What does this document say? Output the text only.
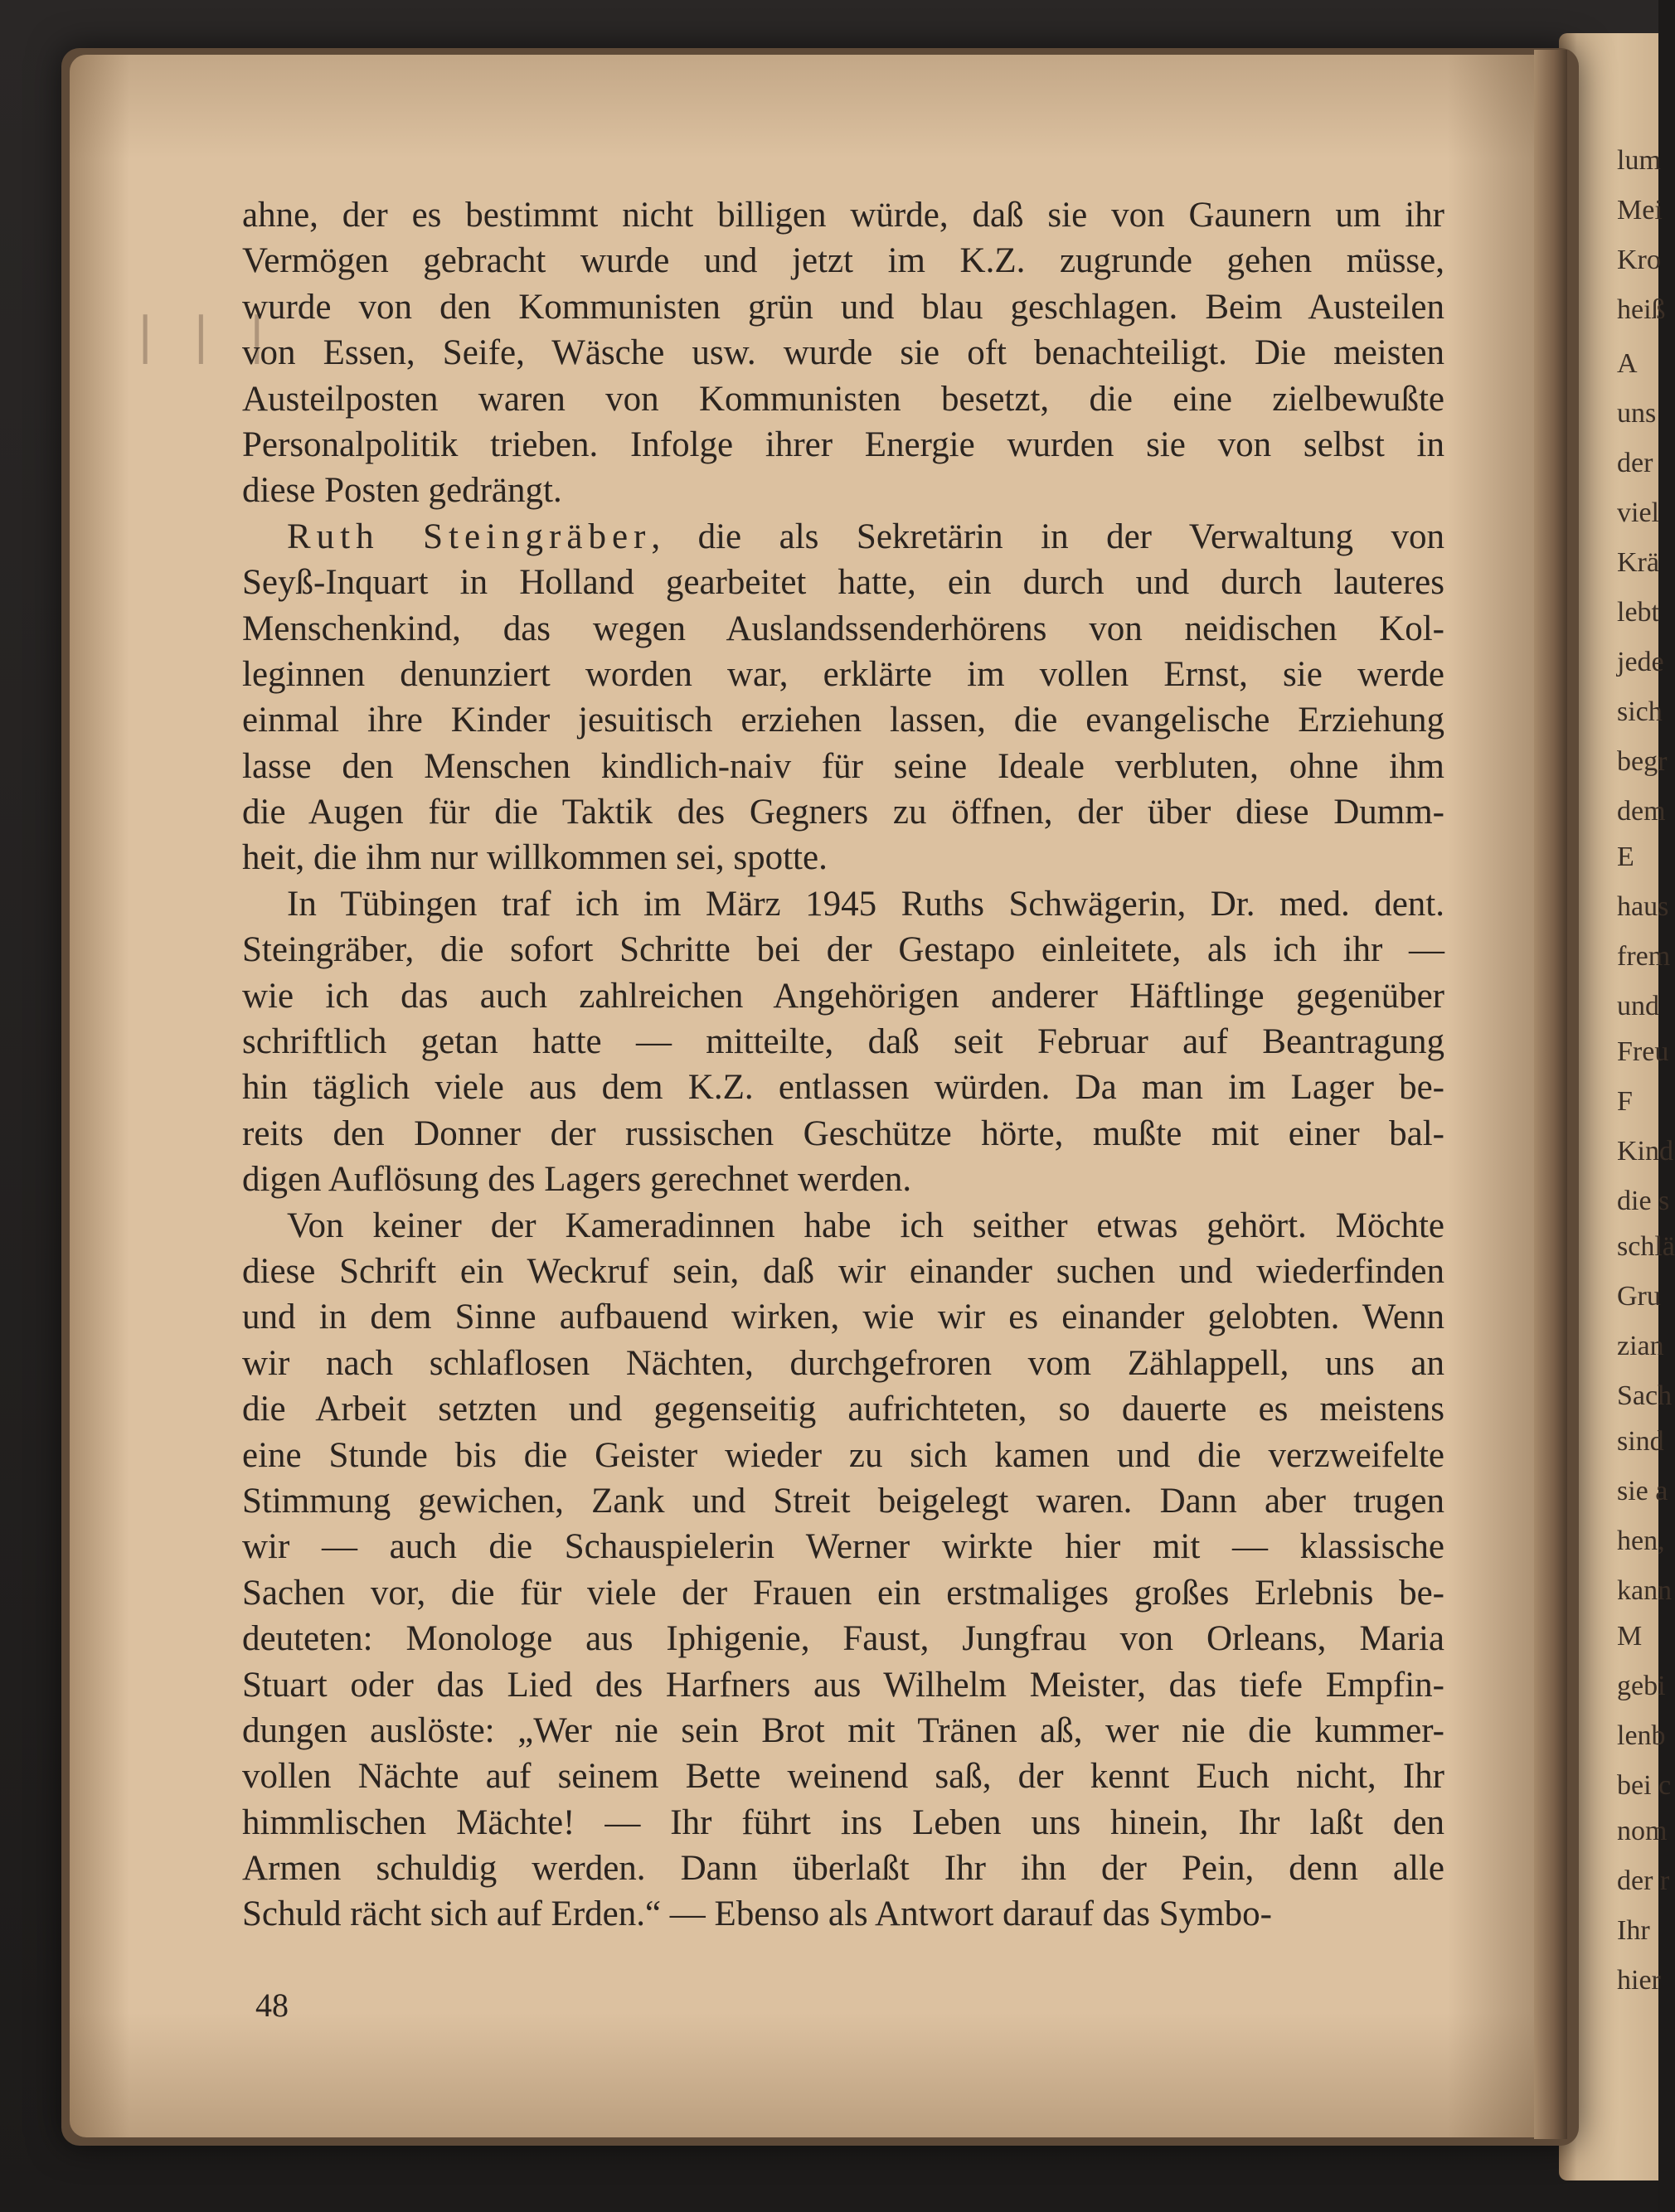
lum
Mei
Kro
heiß
A
uns
der
viel
Krä
lebt
jede
sich
begr
dem
E
haus
frem
und
Freu
F
Kind
die s
schlä
Gru
zian
Sach
sind
sie a
hen,
kann
M
gebi
lenb
bei c
nom
der r
Ihr
hier
| | |
ahne, der es bestimmt nicht billigen würde, daß sie von Gaunern um ihr
Vermögen gebracht wurde und jetzt im K.Z. zugrunde gehen müsse,
wurde von den Kommunisten grün und blau geschlagen. Beim Austeilen
von Essen, Seife, Wäsche usw. wurde sie oft benachteiligt. Die meisten
Austeilposten waren von Kommunisten besetzt, die eine zielbewußte
Personalpolitik trieben. Infolge ihrer Energie wurden sie von selbst in
diese Posten gedrängt.
Ruth Steingräber, die als Sekretärin in der Verwaltung von
Seyß-Inquart in Holland gearbeitet hatte, ein durch und durch lauteres
Menschenkind, das wegen Auslandssenderhörens von neidischen Kol-
leginnen denunziert worden war, erklärte im vollen Ernst, sie werde
einmal ihre Kinder jesuitisch erziehen lassen, die evangelische Erziehung
lasse den Menschen kindlich-naiv für seine Ideale verbluten, ohne ihm
die Augen für die Taktik des Gegners zu öffnen, der über diese Dumm-
heit, die ihm nur willkommen sei, spotte.
In Tübingen traf ich im März 1945 Ruths Schwägerin, Dr. med. dent.
Steingräber, die sofort Schritte bei der Gestapo einleitete, als ich ihr —
wie ich das auch zahlreichen Angehörigen anderer Häftlinge gegenüber
schriftlich getan hatte — mitteilte, daß seit Februar auf Beantragung
hin täglich viele aus dem K.Z. entlassen würden. Da man im Lager be-
reits den Donner der russischen Geschütze hörte, mußte mit einer bal-
digen Auflösung des Lagers gerechnet werden.
Von keiner der Kameradinnen habe ich seither etwas gehört. Möchte
diese Schrift ein Weckruf sein, daß wir einander suchen und wiederfinden
und in dem Sinne aufbauend wirken, wie wir es einander gelobten. Wenn
wir nach schlaflosen Nächten, durchgefroren vom Zählappell, uns an
die Arbeit setzten und gegenseitig aufrichteten, so dauerte es meistens
eine Stunde bis die Geister wieder zu sich kamen und die verzweifelte
Stimmung gewichen, Zank und Streit beigelegt waren. Dann aber trugen
wir — auch die Schauspielerin Werner wirkte hier mit — klassische
Sachen vor, die für viele der Frauen ein erstmaliges großes Erlebnis be-
deuteten: Monologe aus Iphigenie, Faust, Jungfrau von Orleans, Maria
Stuart oder das Lied des Harfners aus Wilhelm Meister, das tiefe Empfin-
dungen auslöste: „Wer nie sein Brot mit Tränen aß, wer nie die kummer-
vollen Nächte auf seinem Bette weinend saß, der kennt Euch nicht, Ihr
himmlischen Mächte! — Ihr führt ins Leben uns hinein, Ihr laßt den
Armen schuldig werden. Dann überlaßt Ihr ihn der Pein, denn alle
Schuld rächt sich auf Erden.“ — Ebenso als Antwort darauf das Symbo-
48
